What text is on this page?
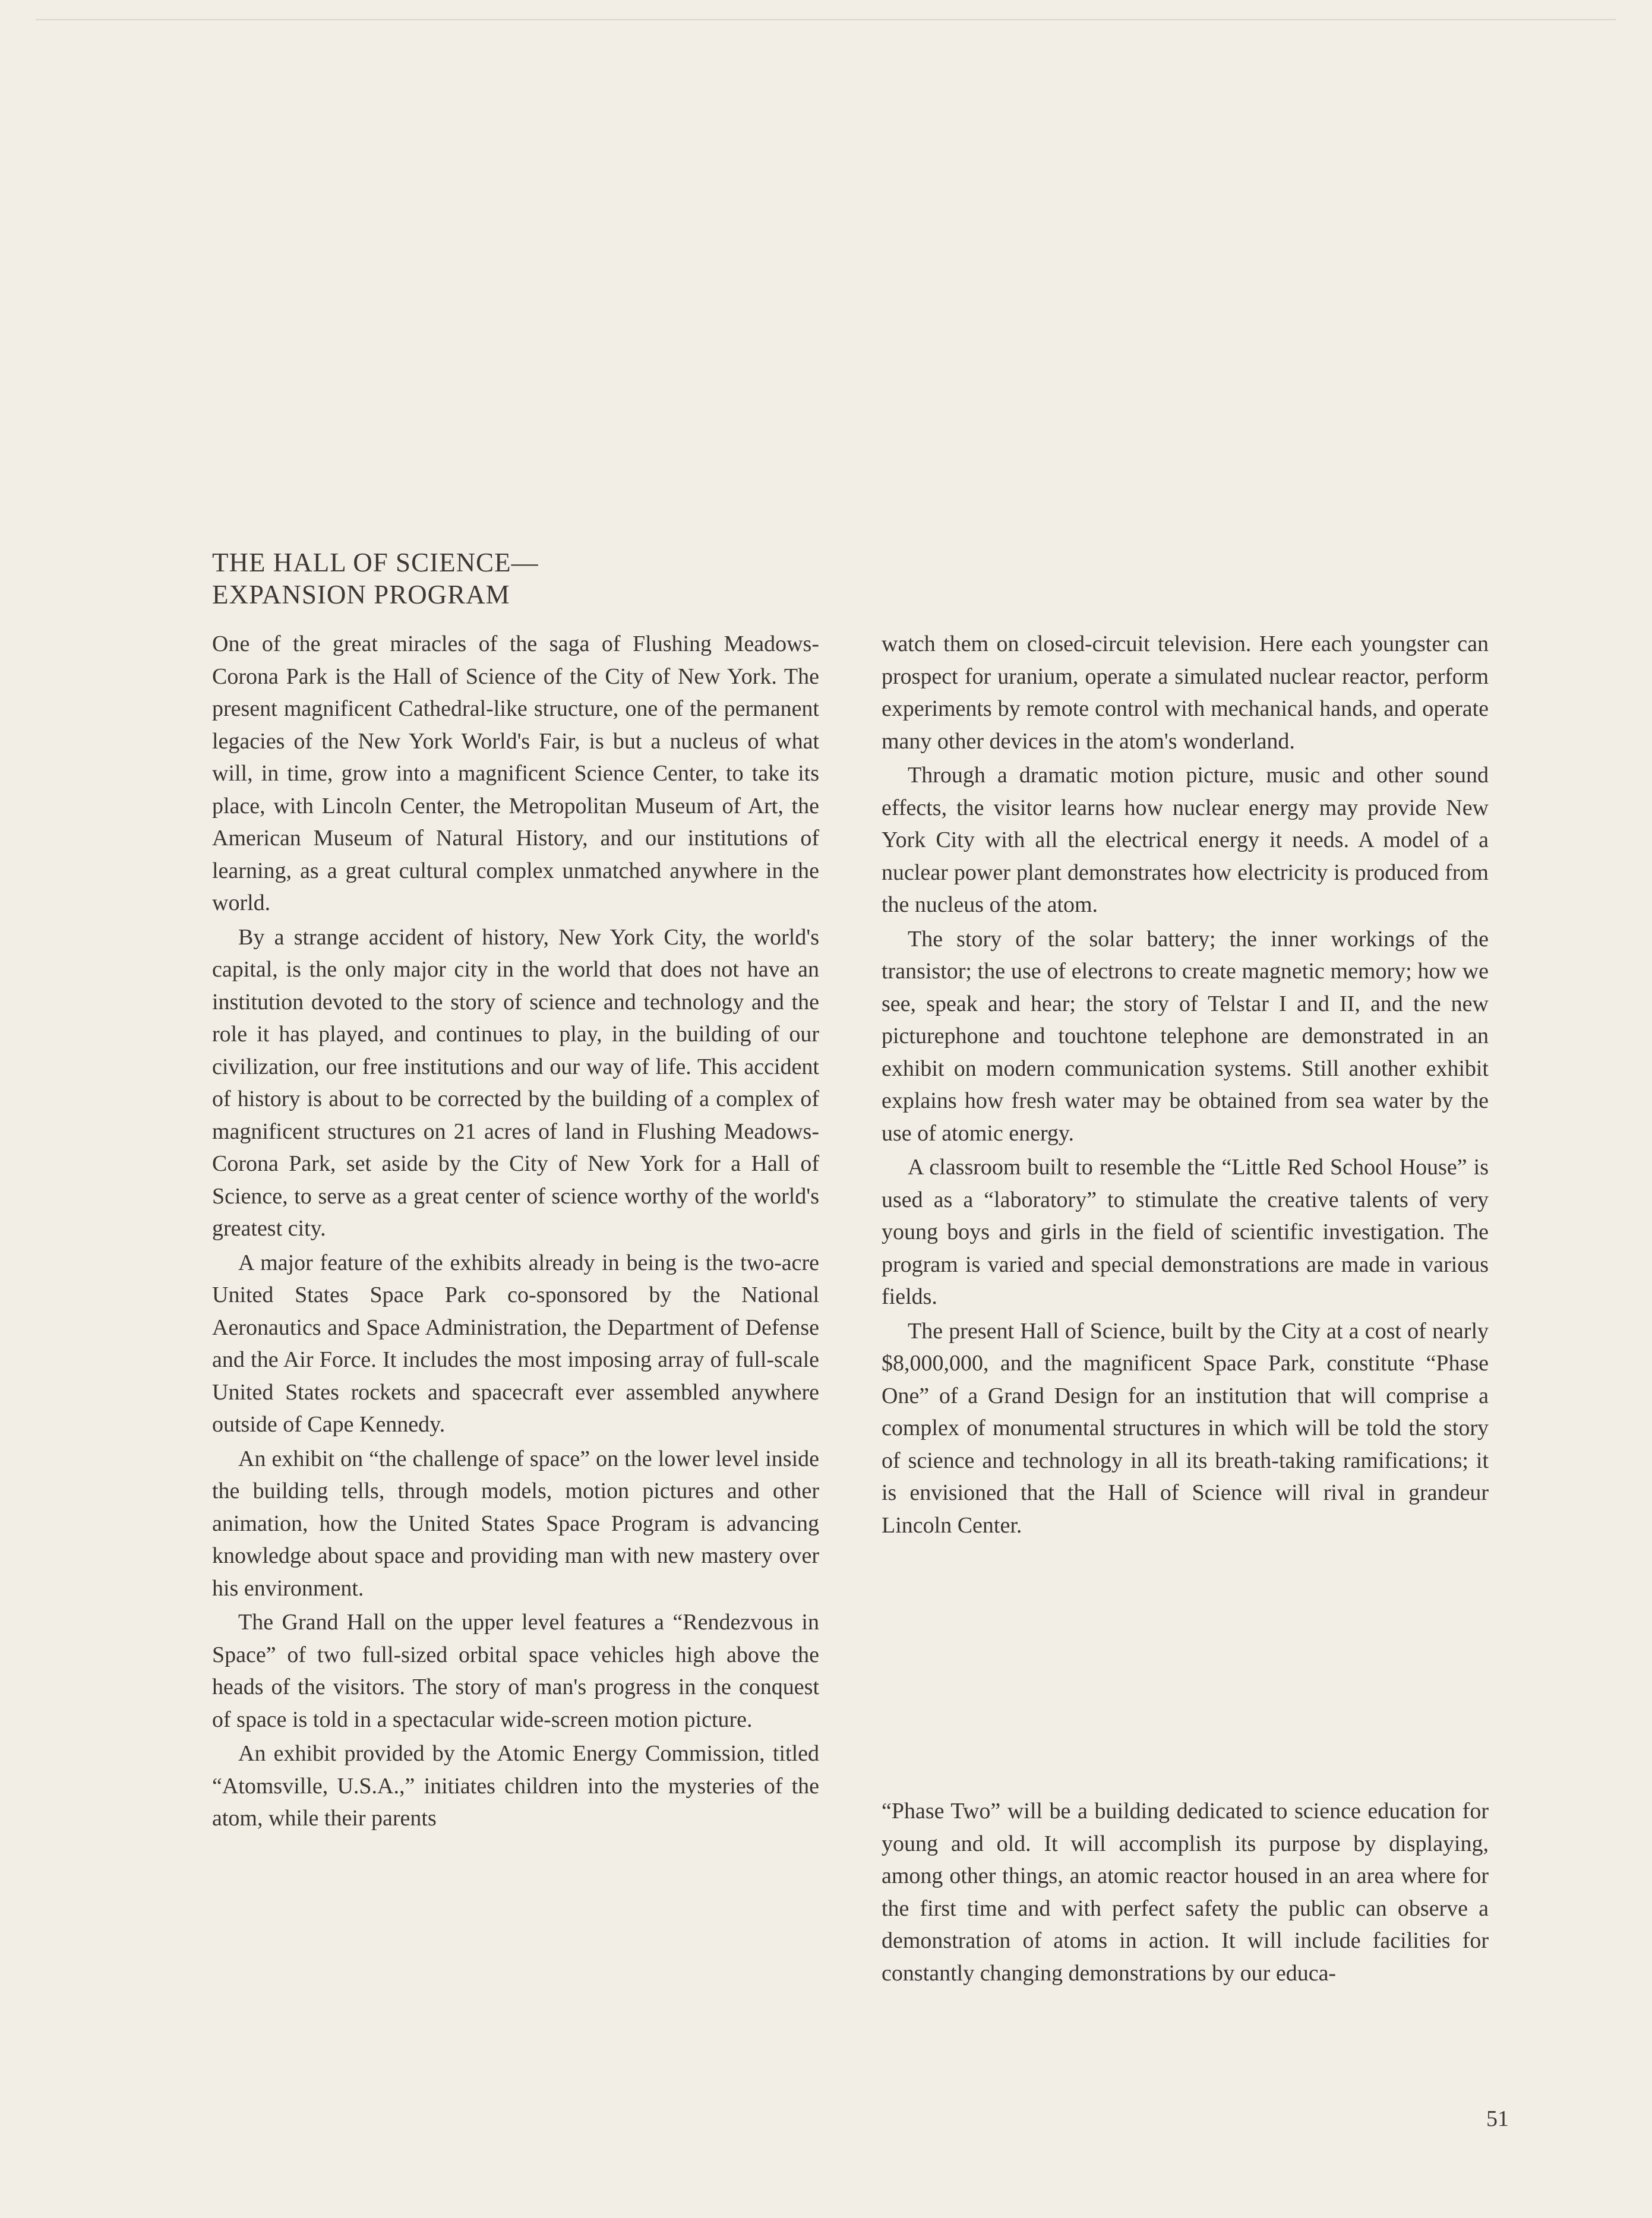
THE HALL OF SCIENCE—
EXPANSION PROGRAM

One of the great miracles of the saga of Flushing Meadows-Corona Park is the Hall of Science of the City of New York. The present magnificent Cathedral-like structure, one of the permanent legacies of the New York World's Fair, is but a nucleus of what will, in time, grow into a magnificent Science Center, to take its place, with Lincoln Center, the Metropolitan Museum of Art, the American Museum of Natural History, and our institutions of learning, as a great cultural complex unmatched anywhere in the world.

By a strange accident of history, New York City, the world's capital, is the only major city in the world that does not have an institution devoted to the story of science and technology and the role it has played, and continues to play, in the building of our civilization, our free institutions and our way of life. This accident of history is about to be corrected by the building of a complex of magnificent structures on 21 acres of land in Flushing Meadows-Corona Park, set aside by the City of New York for a Hall of Science, to serve as a great center of science worthy of the world's greatest city.

A major feature of the exhibits already in being is the two-acre United States Space Park co-sponsored by the National Aeronautics and Space Administration, the Department of Defense and the Air Force. It includes the most imposing array of full-scale United States rockets and spacecraft ever assembled anywhere outside of Cape Kennedy.

An exhibit on “the challenge of space” on the lower level inside the building tells, through models, motion pictures and other animation, how the United States Space Program is advancing knowledge about space and providing man with new mastery over his environment.

The Grand Hall on the upper level features a “Rendezvous in Space” of two full-sized orbital space vehicles high above the heads of the visitors. The story of man's progress in the conquest of space is told in a spectacular wide-screen motion picture.

An exhibit provided by the Atomic Energy Commission, titled “Atomsville, U.S.A.,” initiates children into the mysteries of the atom, while their parents

watch them on closed-circuit television. Here each youngster can prospect for uranium, operate a simulated nuclear reactor, perform experiments by remote control with mechanical hands, and operate many other devices in the atom's wonderland.

Through a dramatic motion picture, music and other sound effects, the visitor learns how nuclear energy may provide New York City with all the electrical energy it needs. A model of a nuclear power plant demonstrates how electricity is produced from the nucleus of the atom.

The story of the solar battery; the inner workings of the transistor; the use of electrons to create magnetic memory; how we see, speak and hear; the story of Telstar I and II, and the new picturephone and touchtone telephone are demonstrated in an exhibit on modern communication systems. Still another exhibit explains how fresh water may be obtained from sea water by the use of atomic energy.

A classroom built to resemble the “Little Red School House” is used as a “laboratory” to stimulate the creative talents of very young boys and girls in the field of scientific investigation. The program is varied and special demonstrations are made in various fields.

The present Hall of Science, built by the City at a cost of nearly $8,000,000, and the magnificent Space Park, constitute “Phase One” of a Grand Design for an institution that will comprise a complex of monumental structures in which will be told the story of science and technology in all its breath-taking ramifications; it is envisioned that the Hall of Science will rival in grandeur Lincoln Center.

“Phase Two” will be a building dedicated to science education for young and old. It will accomplish its purpose by displaying, among other things, an atomic reactor housed in an area where for the first time and with perfect safety the public can observe a demonstration of atoms in action. It will include facilities for constantly changing demonstrations by our educa-

51
